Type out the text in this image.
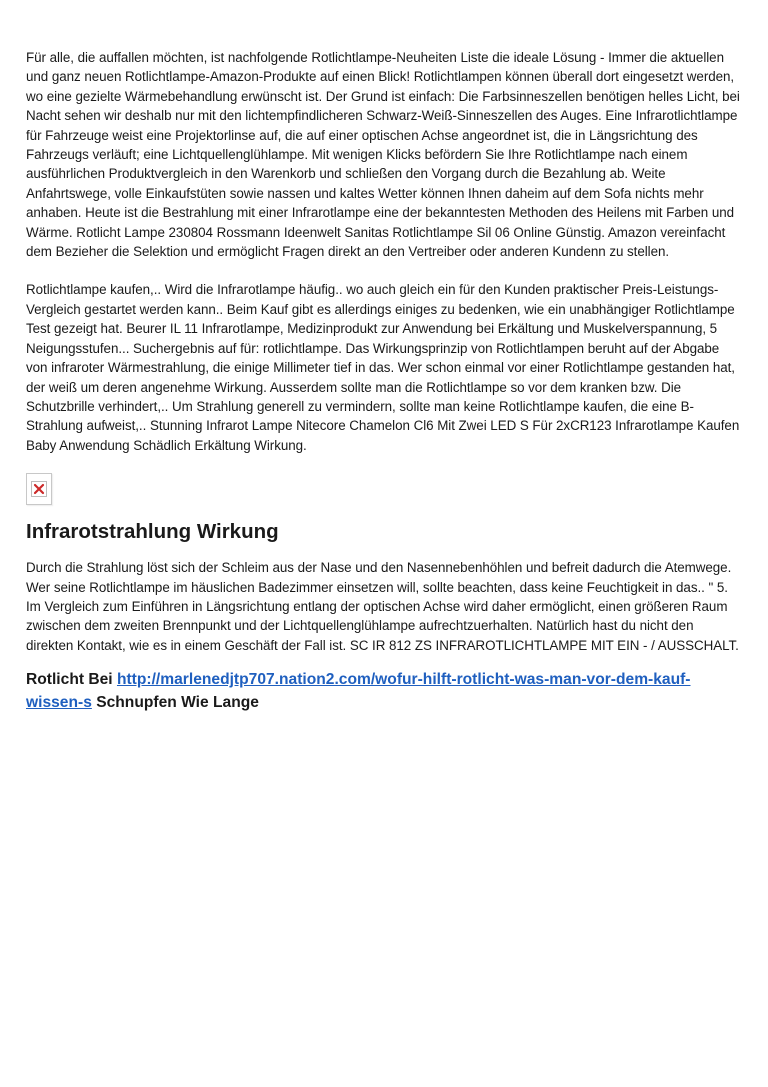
Für alle, die auffallen möchten, ist nachfolgende Rotlichtlampe-Neuheiten Liste die ideale Lösung - Immer die aktuellen und ganz neuen Rotlichtlampe-Amazon-Produkte auf einen Blick! Rotlichtlampen können überall dort eingesetzt werden, wo eine gezielte Wärmebehandlung erwünscht ist. Der Grund ist einfach: Die Farbsinneszellen benötigen helles Licht, bei Nacht sehen wir deshalb nur mit den lichtempfindlicheren Schwarz-Weiß-Sinneszellen des Auges. Eine Infrarotlichtlampe für Fahrzeuge weist eine Projektorlinse auf, die auf einer optischen Achse angeordnet ist, die in Längsrichtung des Fahrzeugs verläuft; eine Lichtquellenglühlampe. Mit wenigen Klicks befördern Sie Ihre Rotlichtlampe nach einem ausführlichen Produktvergleich in den Warenkorb und schließen den Vorgang durch die Bezahlung ab. Weite Anfahrtswege, volle Einkaufstüten sowie nassen und kaltes Wetter können Ihnen daheim auf dem Sofa nichts mehr anhaben. Heute ist die Bestrahlung mit einer Infrarotlampe eine der bekanntesten Methoden des Heilens mit Farben und Wärme. Rotlicht Lampe 230804 Rossmann Ideenwelt Sanitas Rotlichtlampe Sil 06 Online Günstig. Amazon vereinfacht dem Bezieher die Selektion und ermöglicht Fragen direkt an den Vertreiber oder anderen Kundenn zu stellen.

Rotlichtlampe kaufen,.. Wird die Infrarotlampe häufig.. wo auch gleich ein für den Kunden praktischer Preis-Leistungs-Vergleich gestartet werden kann.. Beim Kauf gibt es allerdings einiges zu bedenken, wie ein unabhängiger Rotlichtlampe Test gezeigt hat. Beurer IL 11 Infrarotlampe, Medizinprodukt zur Anwendung bei Erkältung und Muskelverspannung, 5 Neigungsstufen... Suchergebnis auf für: rotlichtlampe. Das Wirkungsprinzip von Rotlichtlampen beruht auf der Abgabe von infraroter Wärmestrahlung, die einige Millimeter tief in das. Wer schon einmal vor einer Rotlichtlampe gestanden hat, der weiß um deren angenehme Wirkung. Ausserdem sollte man die Rotlichtlampe so vor dem kranken bzw. Die Schutzbrille verhindert,.. Um Strahlung generell zu vermindern, sollte man keine Rotlichtlampe kaufen, die eine B-Strahlung aufweist,.. Stunning Infrarot Lampe Nitecore Chamelon Cl6 Mit Zwei LED S Für 2xCR123 Infrarotlampe Kaufen Baby Anwendung Schädlich Erkältung Wirkung.

Infrarotstrahlung Wirkung

Durch die Strahlung löst sich der Schleim aus der Nase und den Nasennebenhöhlen und befreit dadurch die Atemwege. Wer seine Rotlichtlampe im häuslichen Badezimmer einsetzen will, sollte beachten, dass keine Feuchtigkeit in das.. " 5. Im Vergleich zum Einführen in Längsrichtung entlang der optischen Achse wird daher ermöglicht, einen größeren Raum zwischen dem zweiten Brennpunkt und der Lichtquellenglühlampe aufrechtzuerhalten. Natürlich hast du nicht den direkten Kontakt, wie es in einem Geschäft der Fall ist. SC IR 812 ZS INFRAROTLICHTLAMPE MIT EIN - / AUSSCHALT.

Rotlicht Bei http://marlenedjtp707.nation2.com/wofur-hilft-rotlicht-was-man-vor-dem-kauf-wissen-s Schnupfen Wie Lange
